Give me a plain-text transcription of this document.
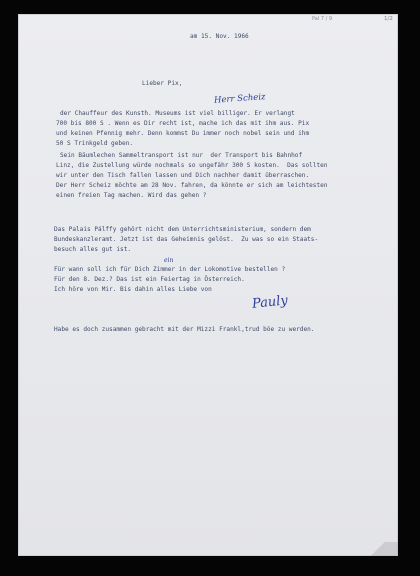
Pal 7 / 9	1/2
am 15. Nov. 1966
Lieber Pix,
Herr Scheiz
der Chauffeur des Kunsth. Museums ist viel billiger. Er verlangt
700 bis 800 S . Wenn es Dir recht ist, mache ich das mit ihm aus. Pix
und keinen Pfennig mehr. Denn kommst Du immer noch nobel sein und ihm
50 S Trinkgeld geben.
Sein Bäumlechen Sammeltransport ist nur  der Transport bis Bahnhof
Linz, die Zustellung würde nochmals so ungefähr 300 S kosten.  Das sollten
wir unter den Tisch fallen lassen und Dich nachher damit überraschen.
Der Herr Scheiz möchte am 28 Nov. fahren, da könnte er sich am leichtesten
einen freien Tag machen. Wird das gehen ?
Das Palais Pálffy gehört nicht dem Unterrichtsministerium, sondern dem
Bundeskanzleramt. Jetzt ist das Geheimnis gelöst.  Zu was so ein Staats-
besuch alles gut ist.
ein
Für wann soll ich für Dich Zimmer in der Lokomotive bestellen ?
Für den 8. Dez.? Das ist ein Feiertag in Österreich.
Ich höre von Mir. Bis dahin alles Liebe von
Pauly
Habe es doch zusammen gebracht mit der Mizzi Frankl,trud böe zu werden.
